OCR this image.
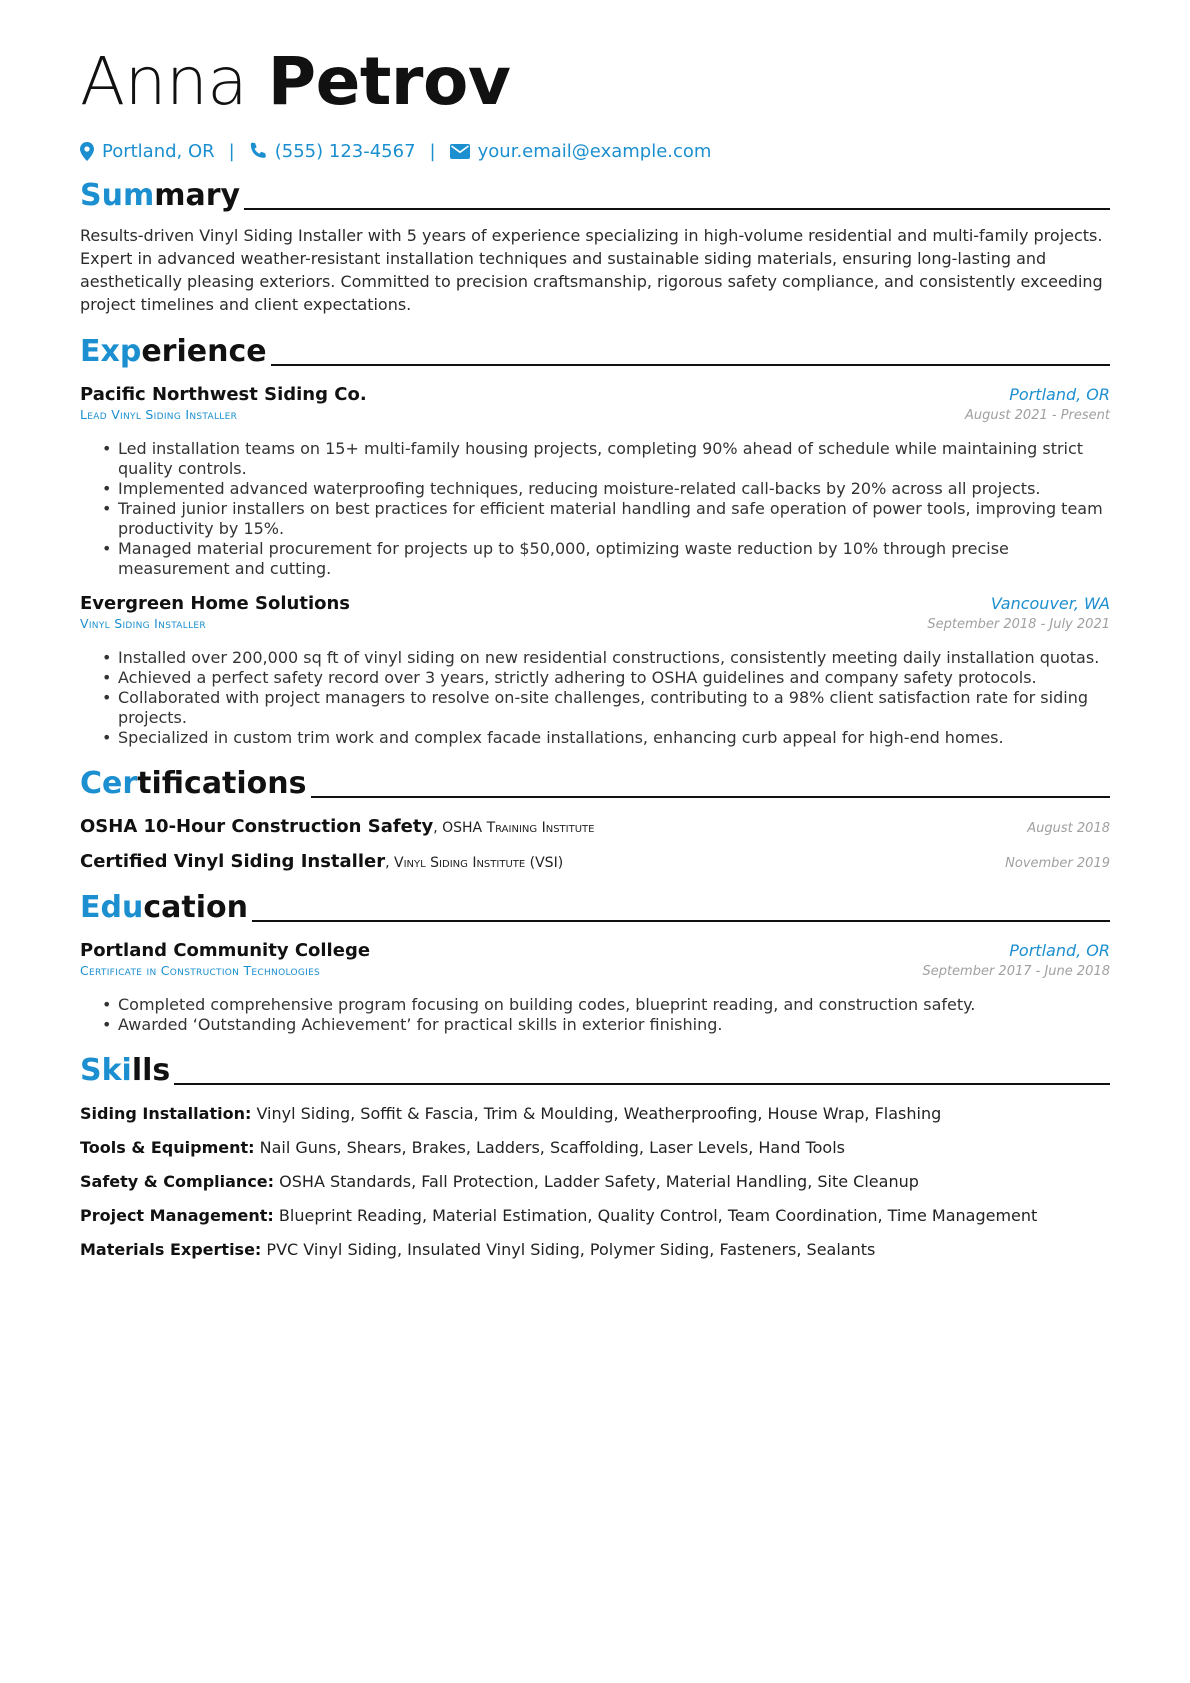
Anna Petrov
Portland, OR | (555) 123-4567 | your.email@example.com
Summary
Results-driven Vinyl Siding Installer with 5 years of experience specializing in high-volume residential and multi-family projects. Expert in advanced weather-resistant installation techniques and sustainable siding materials, ensuring long-lasting and aesthetically pleasing exteriors. Committed to precision craftsmanship, rigorous safety compliance, and consistently exceeding project timelines and client expectations.
Experience
Pacific Northwest Siding Co.	Portland, OR
Lead Vinyl Siding Installer	August 2021 - Present
• Led installation teams on 15+ multi-family housing projects, completing 90% ahead of schedule while maintaining strict quality controls.
• Implemented advanced waterproofing techniques, reducing moisture-related call-backs by 20% across all projects.
• Trained junior installers on best practices for efficient material handling and safe operation of power tools, improving team productivity by 15%.
• Managed material procurement for projects up to $50,000, optimizing waste reduction by 10% through precise measurement and cutting.
Evergreen Home Solutions	Vancouver, WA
Vinyl Siding Installer	September 2018 - July 2021
• Installed over 200,000 sq ft of vinyl siding on new residential constructions, consistently meeting daily installation quotas.
• Achieved a perfect safety record over 3 years, strictly adhering to OSHA guidelines and company safety protocols.
• Collaborated with project managers to resolve on-site challenges, contributing to a 98% client satisfaction rate for siding projects.
• Specialized in custom trim work and complex facade installations, enhancing curb appeal for high-end homes.
Certifications
OSHA 10-Hour Construction Safety, OSHA Training Institute	August 2018
Certified Vinyl Siding Installer, Vinyl Siding Institute (VSI)	November 2019
Education
Portland Community College	Portland, OR
Certificate in Construction Technologies	September 2017 - June 2018
• Completed comprehensive program focusing on building codes, blueprint reading, and construction safety.
• Awarded ‘Outstanding Achievement’ for practical skills in exterior finishing.
Skills
Siding Installation: Vinyl Siding, Soffit & Fascia, Trim & Moulding, Weatherproofing, House Wrap, Flashing
Tools & Equipment: Nail Guns, Shears, Brakes, Ladders, Scaffolding, Laser Levels, Hand Tools
Safety & Compliance: OSHA Standards, Fall Protection, Ladder Safety, Material Handling, Site Cleanup
Project Management: Blueprint Reading, Material Estimation, Quality Control, Team Coordination, Time Management
Materials Expertise: PVC Vinyl Siding, Insulated Vinyl Siding, Polymer Siding, Fasteners, Sealants
